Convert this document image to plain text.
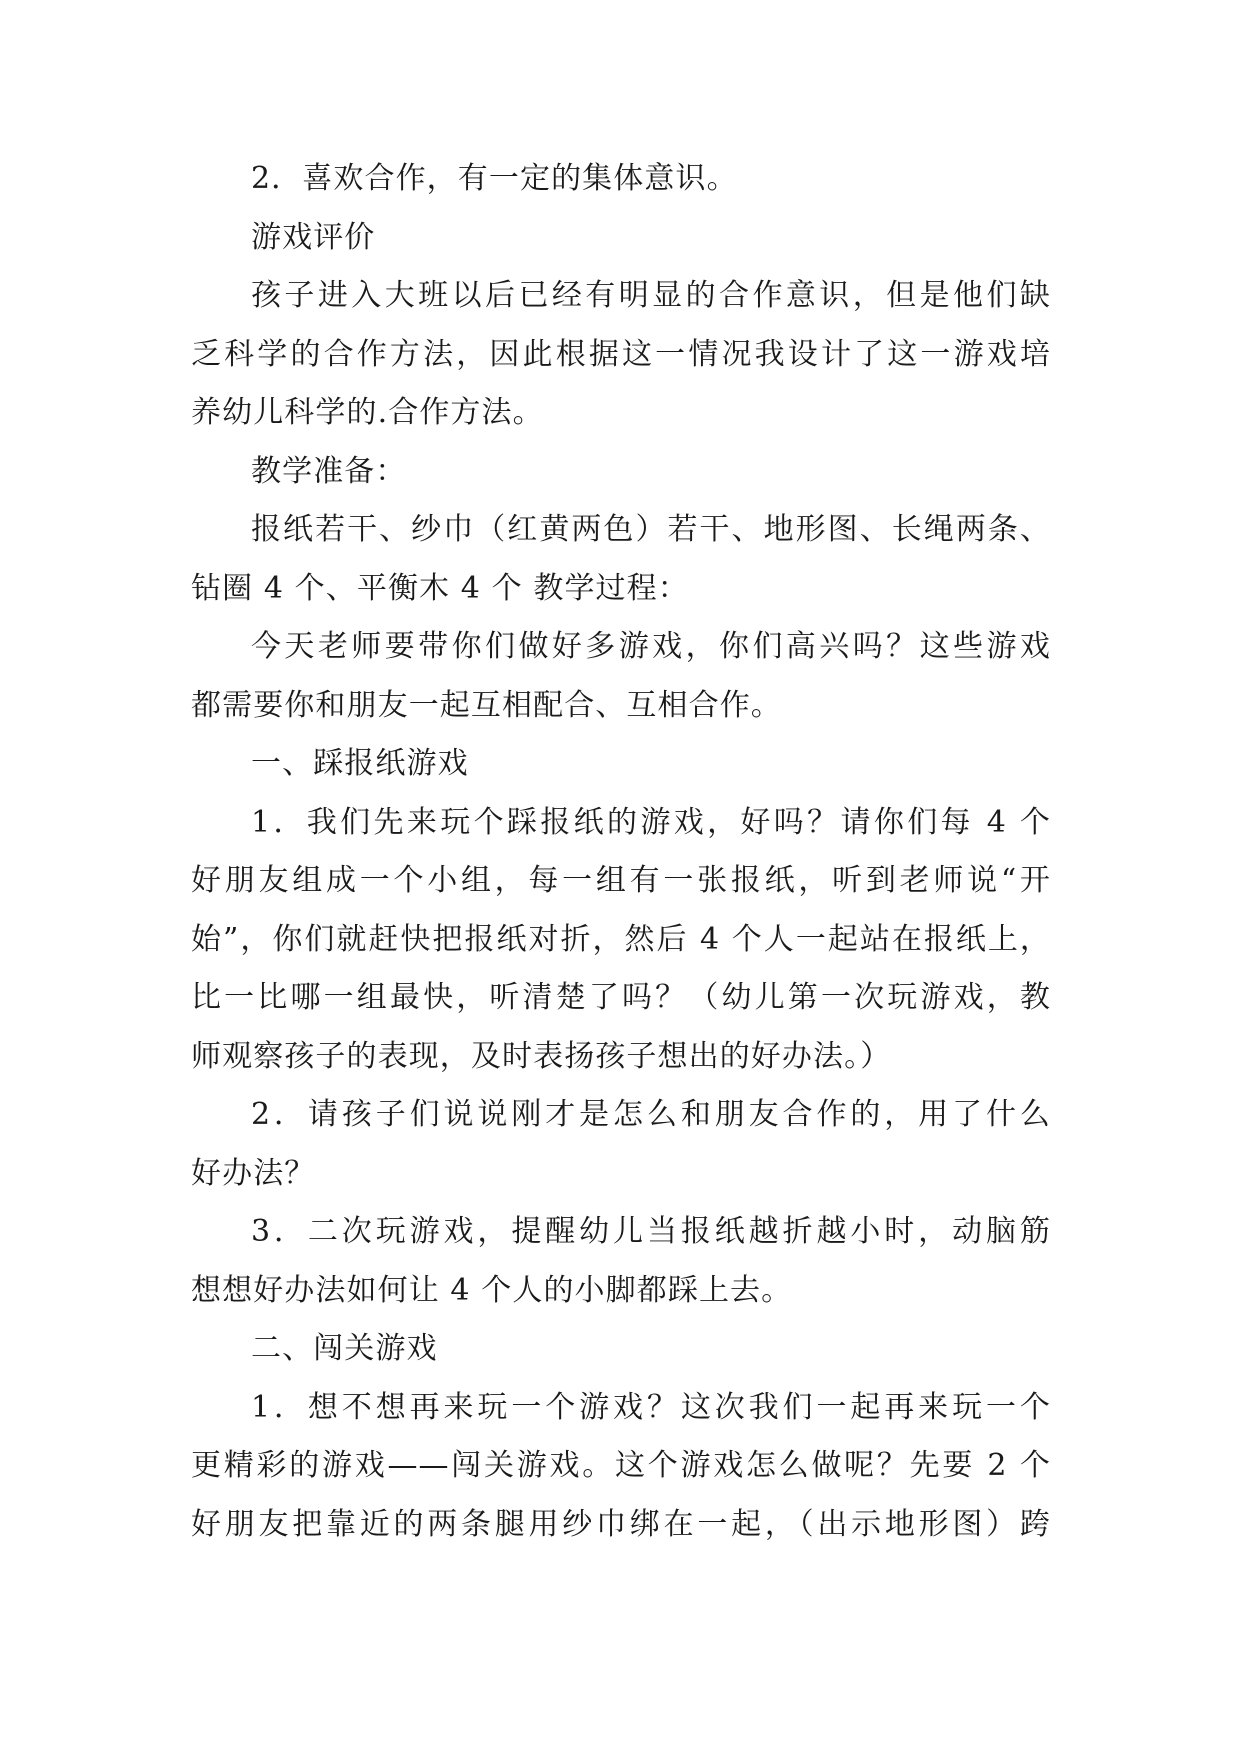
2．喜欢合作，有一定的集体意识。

游戏评价

孩子进入大班以后已经有明显的合作意识，但是他们缺

乏科学的合作方法，因此根据这一情况我设计了这一游戏培

养幼儿科学的.合作方法。

教学准备：

报纸若干、纱巾（红黄两色）若干、地形图、长绳两条、

钻圈 4 个、平衡木 4 个 教学过程：

今天老师要带你们做好多游戏，你们高兴吗？这些游戏

都需要你和朋友一起互相配合、互相合作。

一、踩报纸游戏

1．我们先来玩个踩报纸的游戏，好吗？请你们每 4 个

好朋友组成一个小组，每一组有一张报纸，听到老师说“开

始”，你们就赶快把报纸对折，然后 4 个人一起站在报纸上，

比一比哪一组最快，听清楚了吗？（幼儿第一次玩游戏，教

师观察孩子的表现，及时表扬孩子想出的好办法。）

2．请孩子们说说刚才是怎么和朋友合作的，用了什么

好办法？

3．二次玩游戏，提醒幼儿当报纸越折越小时，动脑筋

想想好办法如何让 4 个人的小脚都踩上去。

二、闯关游戏

1．想不想再来玩一个游戏？这次我们一起再来玩一个

更精彩的游戏——闯关游戏。这个游戏怎么做呢？先要 2 个

好朋友把靠近的两条腿用纱巾绑在一起，（出示地形图）跨
